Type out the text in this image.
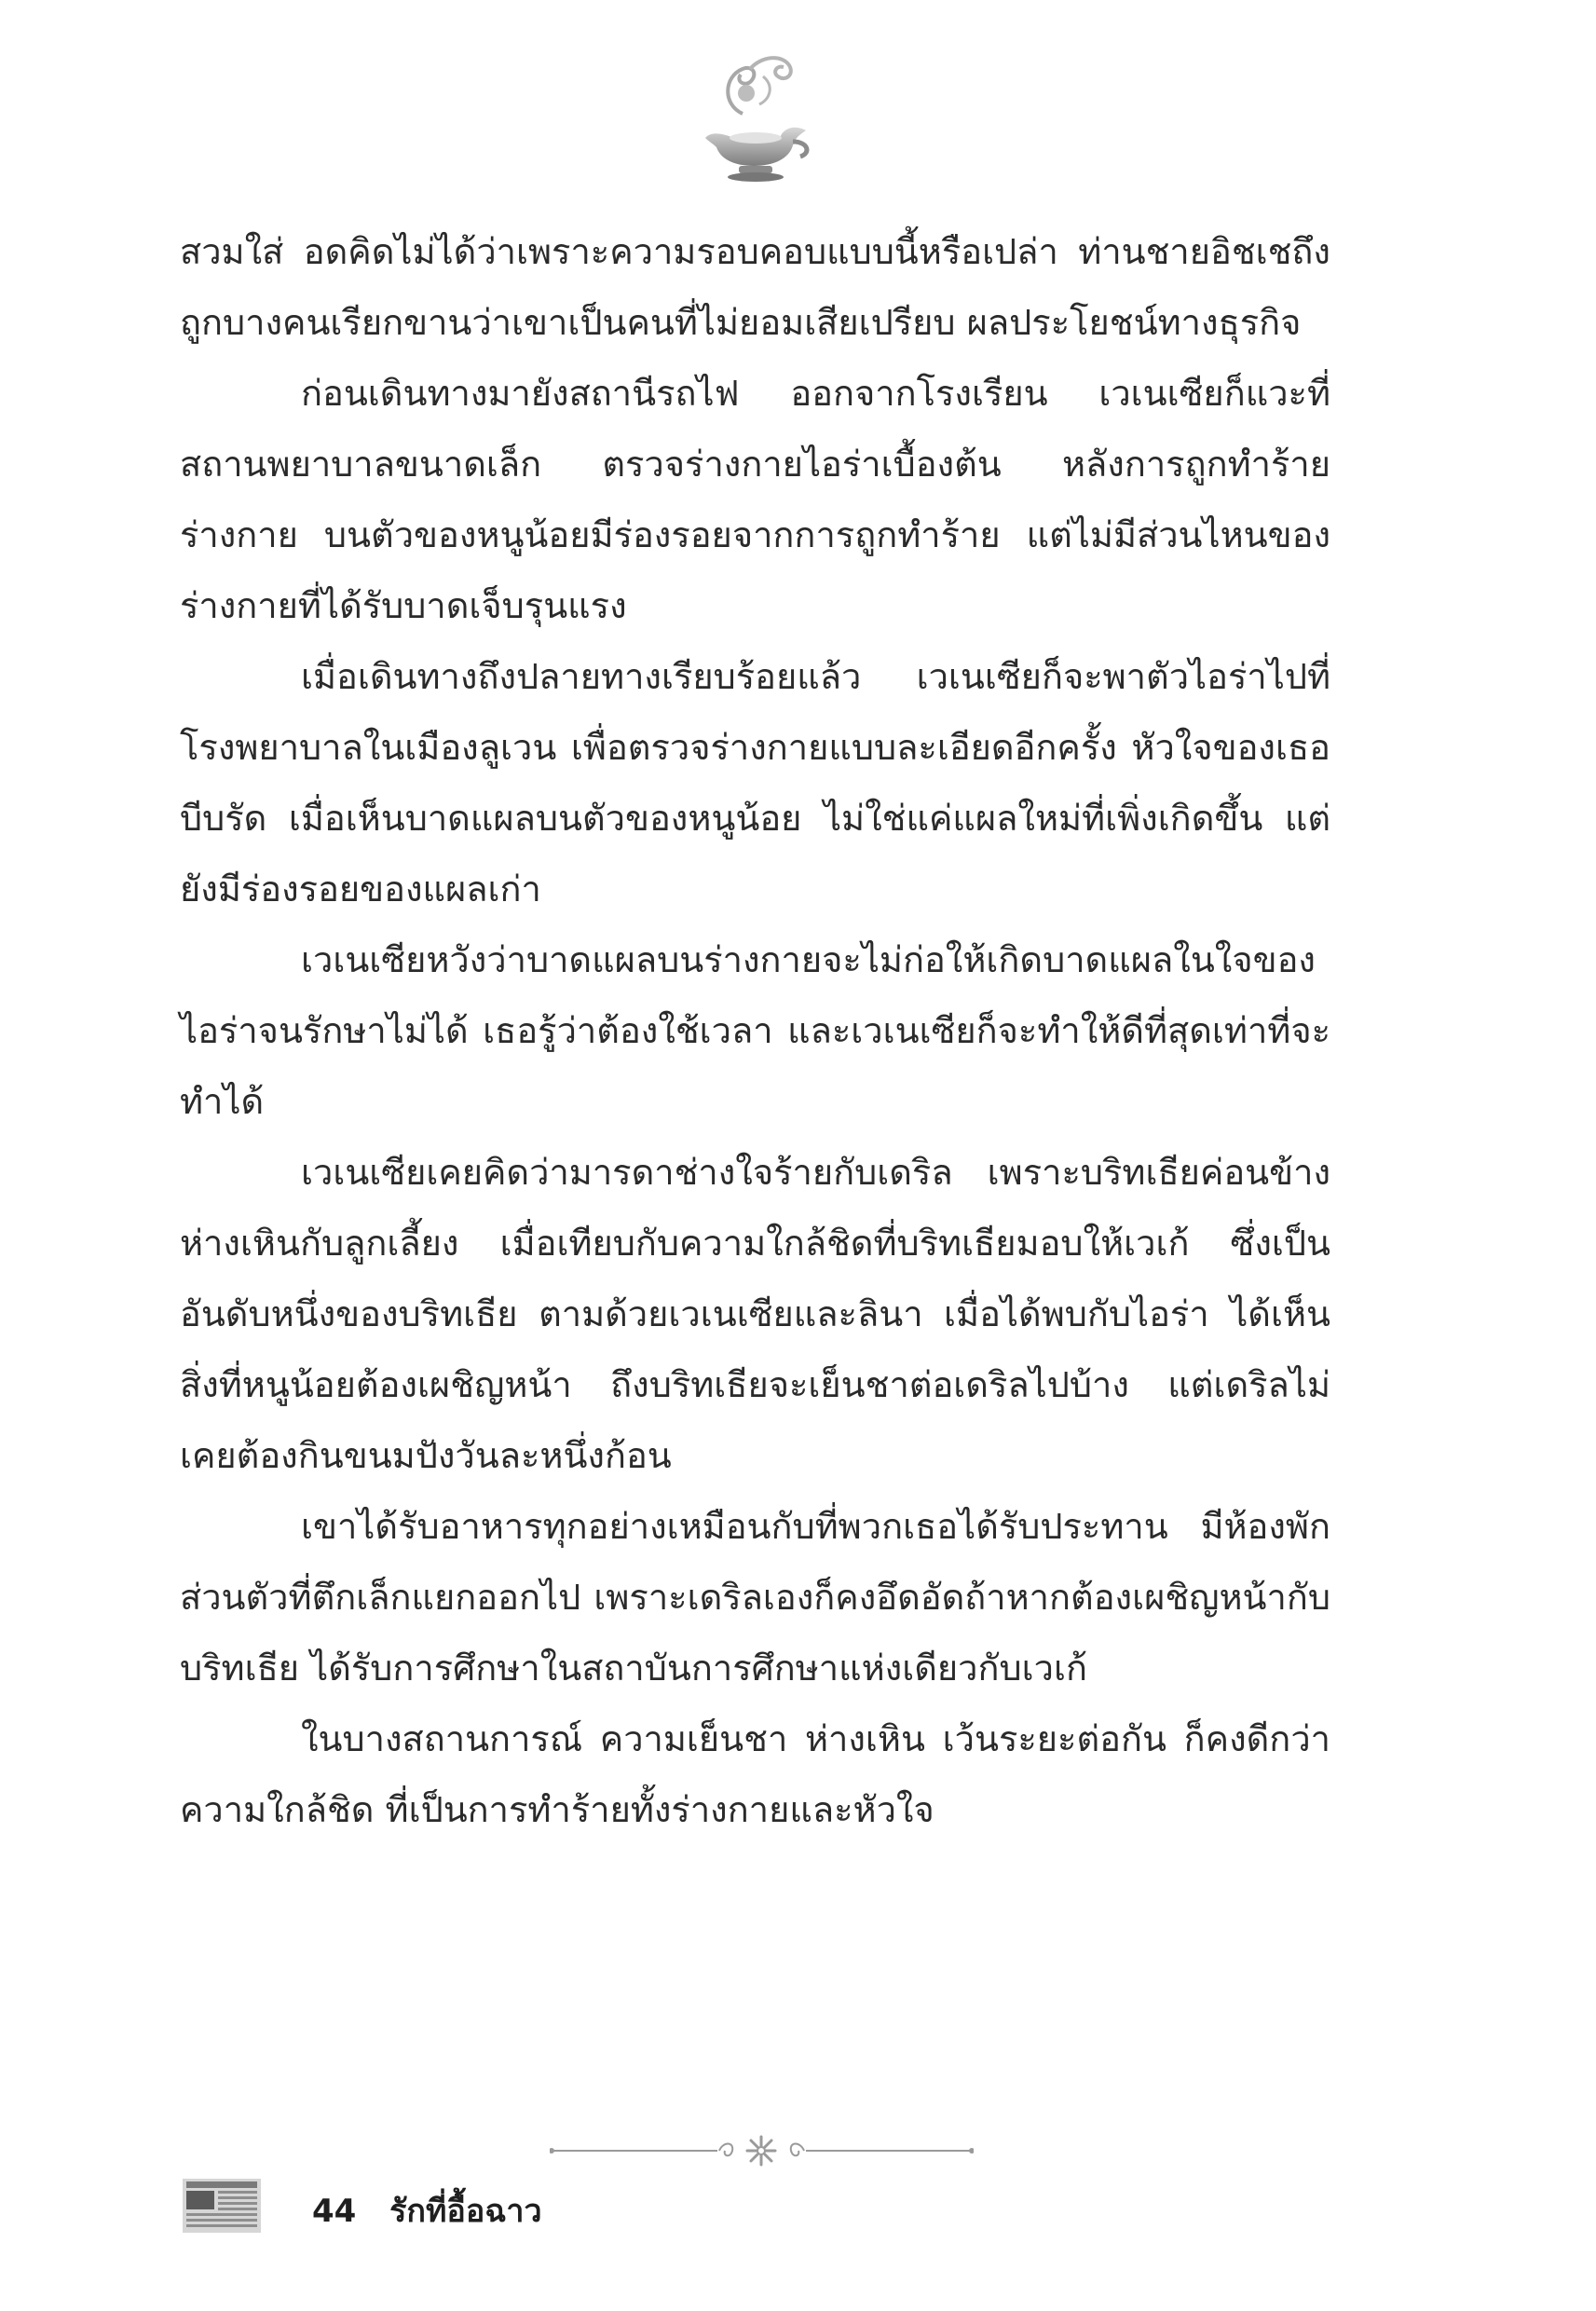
สวมใส่ อดคิดไม่ได้ว่าเพราะความรอบคอบแบบนี้หรือเปล่า ท่านชายอิชเชถึงถูกบางคนเรียกขานว่าเขาเป็นคนที่ไม่ยอมเสียเปรียบ ผลประโยชน์ทางธุรกิจ

ก่อนเดินทางมายังสถานีรถไฟ ออกจากโรงเรียน เวเนเซียก็แวะที่สถานพยาบาลขนาดเล็ก ตรวจร่างกายไอร่าเบื้องต้น หลังการถูกทำร้ายร่างกาย บนตัวของหนูน้อยมีร่องรอยจากการถูกทำร้าย แต่ไม่มีส่วนไหนของร่างกายที่ได้รับบาดเจ็บรุนแรง

เมื่อเดินทางถึงปลายทางเรียบร้อยแล้ว เวเนเซียก็จะพาตัวไอร่าไปที่โรงพยาบาลในเมืองลูเวน เพื่อตรวจร่างกายแบบละเอียดอีกครั้ง หัวใจของเธอบีบรัด เมื่อเห็นบาดแผลบนตัวของหนูน้อย ไม่ใช่แค่แผลใหม่ที่เพิ่งเกิดขึ้น แต่ยังมีร่องรอยของแผลเก่า

เวเนเซียหวังว่าบาดแผลบนร่างกายจะไม่ก่อให้เกิดบาดแผลในใจของไอร่าจนรักษาไม่ได้ เธอรู้ว่าต้องใช้เวลา และเวเนเซียก็จะทำให้ดีที่สุดเท่าที่จะทำได้

เวเนเซียเคยคิดว่ามารดาช่างใจร้ายกับเดริล เพราะบริทเธียค่อนข้างห่างเหินกับลูกเลี้ยง เมื่อเทียบกับความใกล้ชิดที่บริทเธียมอบให้เวเก้ ซึ่งเป็นอันดับหนึ่งของบริทเธีย ตามด้วยเวเนเซียและลินา เมื่อได้พบกับไอร่า ได้เห็นสิ่งที่หนูน้อยต้องเผชิญหน้า ถึงบริทเธียจะเย็นชาต่อเดริลไปบ้าง แต่เดริลไม่เคยต้องกินขนมปังวันละหนึ่งก้อน

เขาได้รับอาหารทุกอย่างเหมือนกับที่พวกเธอได้รับประทาน มีห้องพักส่วนตัวที่ตึกเล็กแยกออกไป เพราะเดริลเองก็คงอึดอัดถ้าหากต้องเผชิญหน้ากับบริทเธีย ได้รับการศึกษาในสถาบันการศึกษาแห่งเดียวกับเวเก้

ในบางสถานการณ์ ความเย็นชา ห่างเหิน เว้นระยะต่อกัน ก็คงดีกว่าความใกล้ชิด ที่เป็นการทำร้ายทั้งร่างกายและหัวใจ

44 รักที่อื้อฉาว
